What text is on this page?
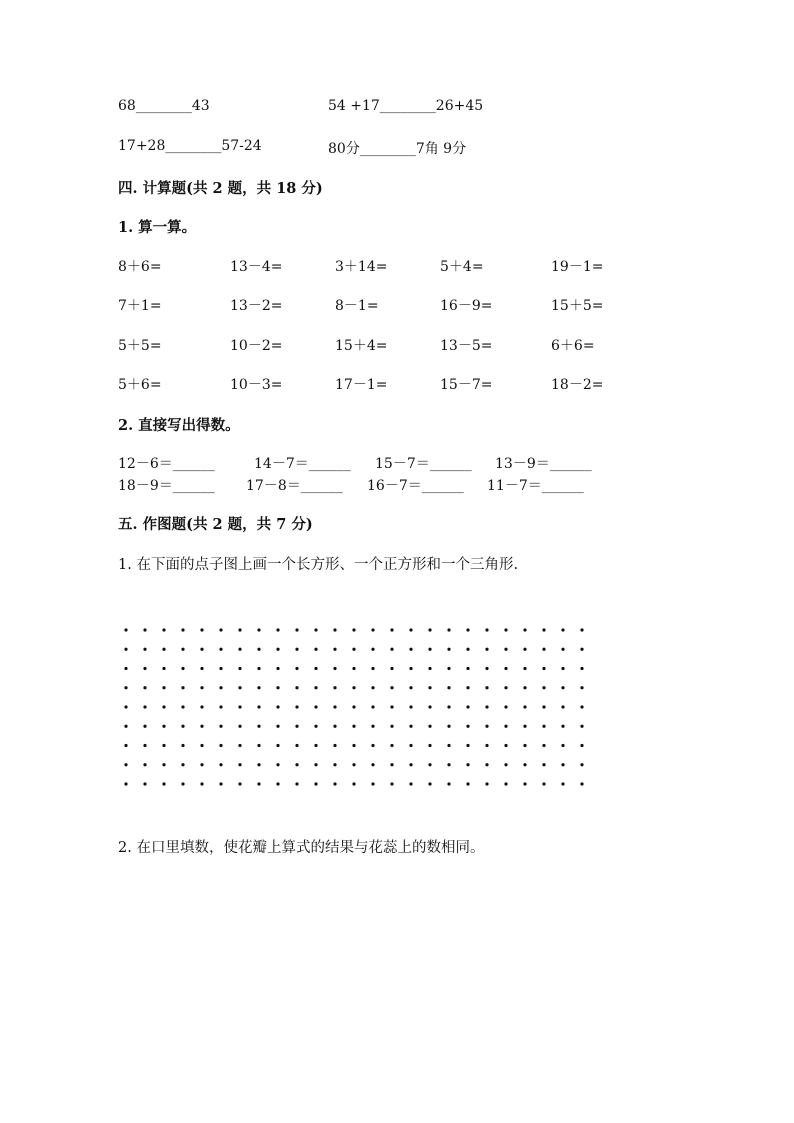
68________43	54 +17________26+45
17+28________57-24	80分________7角 9分
四. 计算题(共 2 题，共 18 分)
1. 算一算。
8＋6=	13－4=	3＋14=	5＋4=	19－1=
7＋1=	13－2=	8－1=	16－9=	15＋5=
5＋5=	10－2=	15＋4=	13－5=	6＋6=
5＋6=	10－3=	17－1=	15－7=	18－2=
2. 直接写出得数。
12－6＝______	14－7＝______ 15－7＝______ 13－9＝______
18－9＝______ 17－8＝______ 16－7＝______ 11－7＝______
五. 作图题(共 2 题，共 7 分)
1. 在下面的点子图上画一个长方形、一个正方形和一个三角形.
2. 在口里填数，使花瓣上算式的结果与花蕊上的数相同。
